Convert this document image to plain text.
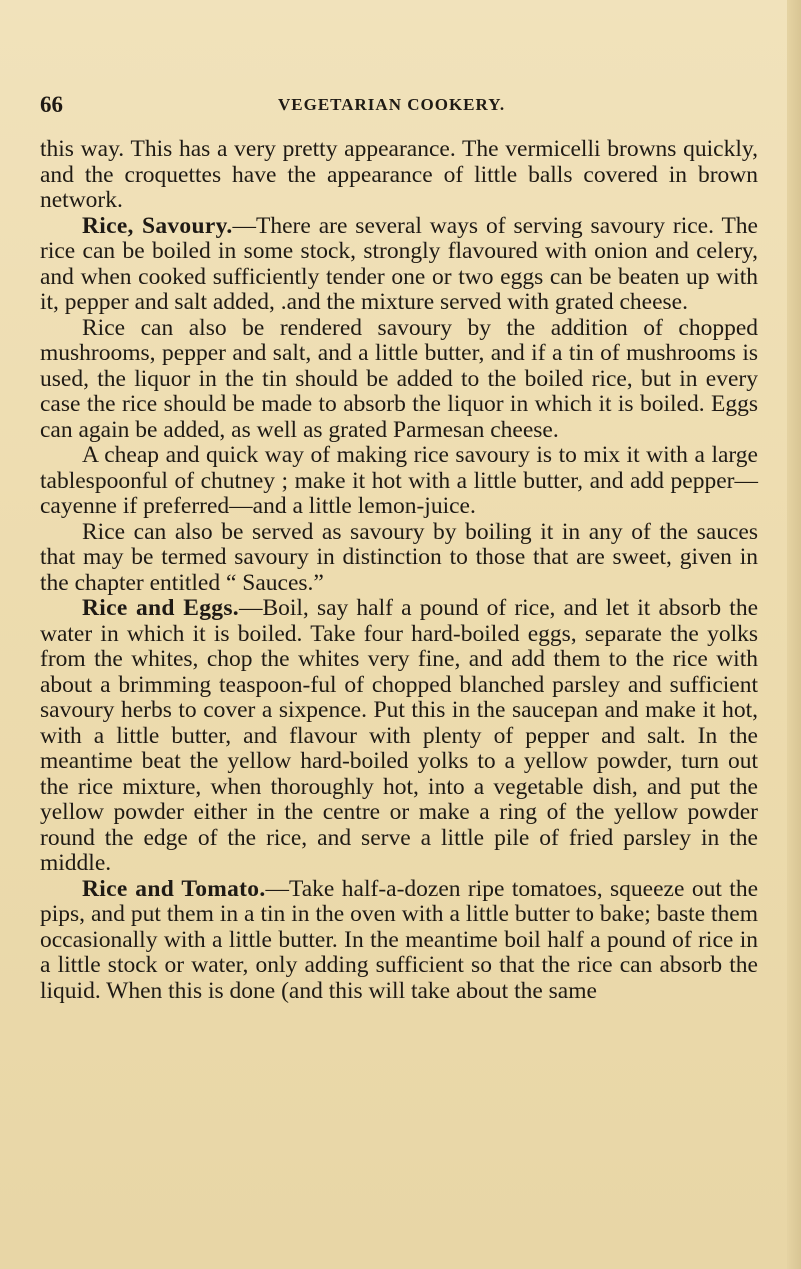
66	VEGETARIAN COOKERY.

this way. This has a very pretty appearance. The vermicelli browns quickly, and the croquettes have the appearance of little balls covered in brown network.

Rice, Savoury.—There are several ways of serving savoury rice. The rice can be boiled in some stock, strongly flavoured with onion and celery, and when cooked sufficiently tender one or two eggs can be beaten up with it, pepper and salt added, .and the mixture served with grated cheese.

Rice can also be rendered savoury by the addition of chopped mushrooms, pepper and salt, and a little butter, and if a tin of mushrooms is used, the liquor in the tin should be added to the boiled rice, but in every case the rice should be made to absorb the liquor in which it is boiled. Eggs can again be added, as well as grated Parmesan cheese.

A cheap and quick way of making rice savoury is to mix it with a large tablespoonful of chutney ; make it hot with a little butter, and add pepper—cayenne if preferred—and a little lemon-juice.

Rice can also be served as savoury by boiling it in any of the sauces that may be termed savoury in distinction to those that are sweet, given in the chapter entitled “ Sauces.”

Rice and Eggs.—Boil, say half a pound of rice, and let it absorb the water in which it is boiled. Take four hard-boiled eggs, separate the yolks from the whites, chop the whites very fine, and add them to the rice with about a brimming teaspoon-ful of chopped blanched parsley and sufficient savoury herbs to cover a sixpence. Put this in the saucepan and make it hot, with a little butter, and flavour with plenty of pepper and salt. In the meantime beat the yellow hard-boiled yolks to a yellow powder, turn out the rice mixture, when thoroughly hot, into a vegetable dish, and put the yellow powder either in the centre or make a ring of the yellow powder round the edge of the rice, and serve a little pile of fried parsley in the middle.

Rice and Tomato.—Take half-a-dozen ripe tomatoes, squeeze out the pips, and put them in a tin in the oven with a little butter to bake; baste them occasionally with a little butter. In the meantime boil half a pound of rice in a little stock or water, only adding sufficient so that the rice can absorb the liquid. When this is done (and this will take about the same
